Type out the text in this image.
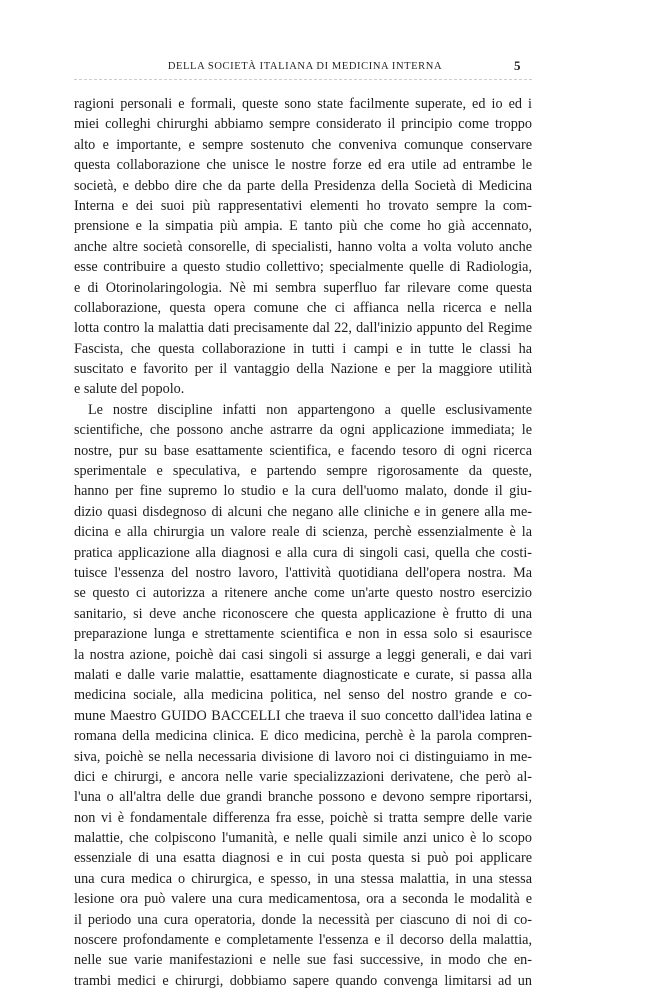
DELLA SOCIETÀ ITALIANA DI MEDICINA INTERNA	5
ragioni personali e formali, queste sono state facilmente superate, ed io ed i
miei colleghi chirurghi abbiamo sempre considerato il principio come troppo
alto e importante, e sempre sostenuto che conveniva comunque conservare
questa collaborazione che unisce le nostre forze ed era utile ad entrambe le
società, e debbo dire che da parte della Presidenza della Società di Medicina
Interna e dei suoi più rappresentativi elementi ho trovato sempre la com-
prensione e la simpatia più ampia. E tanto più che come ho già accennato,
anche altre società consorelle, di specialisti, hanno volta a volta voluto anche
esse contribuire a questo studio collettivo; specialmente quelle di Radiologia,
e di Otorinolaringologia. Nè mi sembra superfluo far rilevare come questa
collaborazione, questa opera comune che ci affianca nella ricerca e nella
lotta contro la malattia dati precisamente dal 22, dall'inizio appunto del Regime
Fascista, che questa collaborazione in tutti i campi e in tutte le classi ha
suscitato e favorito per il vantaggio della Nazione e per la maggiore utilità
e salute del popolo.
Le nostre discipline infatti non appartengono a quelle esclusivamente
scientifiche, che possono anche astrarre da ogni applicazione immediata; le
nostre, pur su base esattamente scientifica, e facendo tesoro di ogni ricerca
sperimentale e speculativa, e partendo sempre rigorosamente da queste,
hanno per fine supremo lo studio e la cura dell'uomo malato, donde il giu-
dizio quasi disdegnoso di alcuni che negano alle cliniche e in genere alla me-
dicina e alla chirurgia un valore reale di scienza, perchè essenzialmente è la
pratica applicazione alla diagnosi e alla cura di singoli casi, quella che costi-
tuisce l'essenza del nostro lavoro, l'attività quotidiana dell'opera nostra. Ma
se questo ci autorizza a ritenere anche come un'arte questo nostro esercizio
sanitario, si deve anche riconoscere che questa applicazione è frutto di una
preparazione lunga e strettamente scientifica e non in essa solo si esaurisce
la nostra azione, poichè dai casi singoli si assurge a leggi generali, e dai vari
malati e dalle varie malattie, esattamente diagnosticate e curate, si passa alla
medicina sociale, alla medicina politica, nel senso del nostro grande e co-
mune Maestro GUIDO BACCELLI che traeva il suo concetto dall'idea latina e
romana della medicina clinica. E dico medicina, perchè è la parola compren-
siva, poichè se nella necessaria divisione di lavoro noi ci distinguiamo in me-
dici e chirurgi, e ancora nelle varie specializzazioni derivatene, che però al-
l'una o all'altra delle due grandi branche possono e devono sempre riportarsi,
non vi è fondamentale differenza fra esse, poichè si tratta sempre delle varie
malattie, che colpiscono l'umanità, e nelle quali simile anzi unico è lo scopo
essenziale di una esatta diagnosi e in cui posta questa si può poi applicare
una cura medica o chirurgica, e spesso, in una stessa malattia, in una stessa
lesione ora può valere una cura medicamentosa, ora a seconda le modalità e
il periodo una cura operatoria, donde la necessità per ciascuno di noi di co-
noscere profondamente e completamente l'essenza e il decorso della malattia,
nelle sue varie manifestazioni e nelle sue fasi successive, in modo che en-
trambi medici e chirurgi, dobbiamo sapere quando convenga limitarsi ad un
